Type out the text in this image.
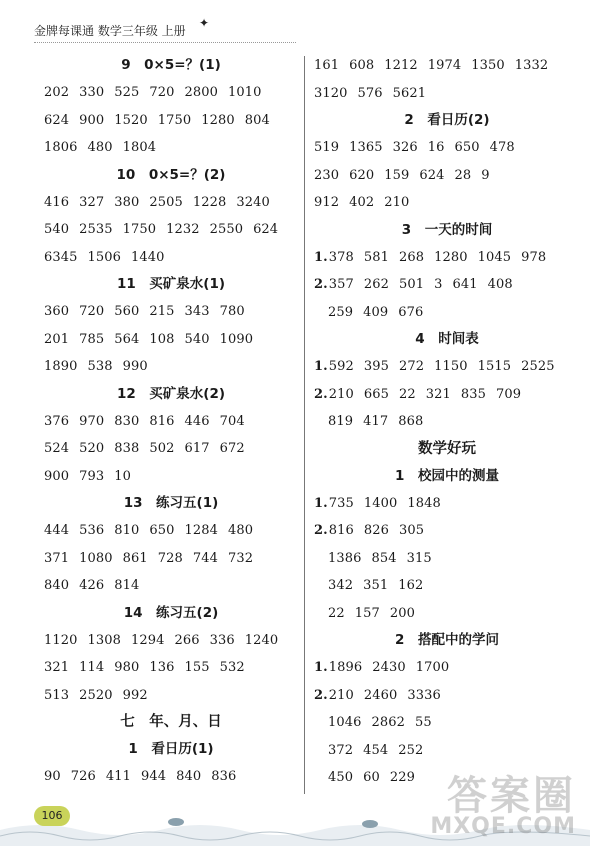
金牌每课通 数学三年级 上册
✦
9　0×5=？(1)
202 330 525 720 2800 1010
624 900 1520 1750 1280 804
1806 480 1804
10　0×5=？(2)
416 327 380 2505 1228 3240
540 2535 1750 1232 2550 624
6345 1506 1440
11　买矿泉水(1)
360 720 560 215 343 780
201 785 564 108 540 1090
1890 538 990
12　买矿泉水(2)
376 970 830 816 446 704
524 520 838 502 617 672
900 793 10
13　练习五(1)
444 536 810 650 1284 480
371 1080 861 728 744 732
840 426 814
14　练习五(2)
1120 1308 1294 266 336 1240
321 114 980 136 155 532
513 2520 992
七　年、月、日
1　看日历(1)
90 726 411 944 840 836
161 608 1212 1974 1350 1332
3120 576 5621
2　看日历(2)
519 1365 326 16 650 478
230 620 159 624 28 9
912 402 210
3　一天的时间
1.378 581 268 1280 1045 978
2.357 262 501 3 641 408
259 409 676
4　时间表
1.592 395 272 1150 1515 2525
2.210 665 22 321 835 709
819 417 868
数学好玩
1　校园中的测量
1.735 1400 1848
2.816 826 305
1386 854 315
342 351 162
22 157 200
2　搭配中的学问
1.1896 2430 1700
2.210 2460 3336
1046 2862 55
372 454 252
450 60 229
106	答案圈
MXQE.COM
